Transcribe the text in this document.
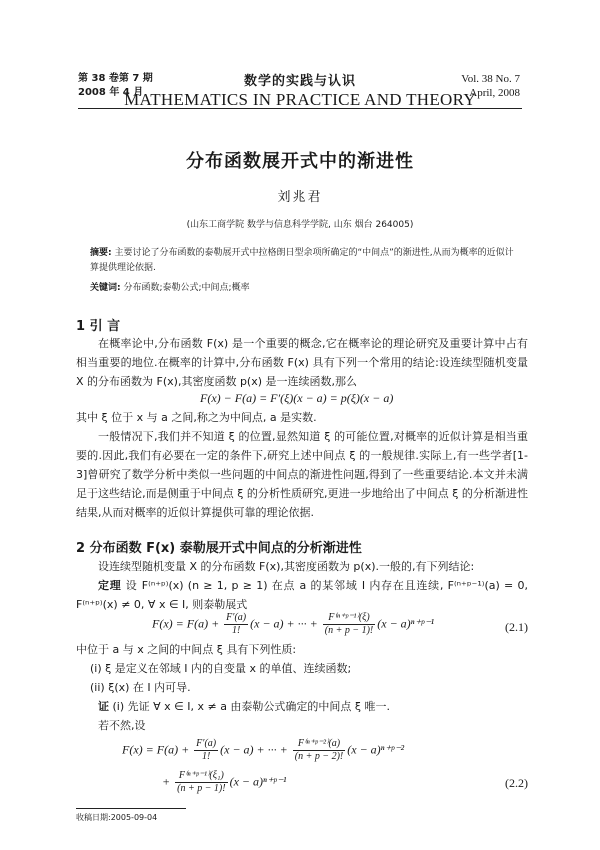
第 38 卷第 7 期
2008 年 4 月
数学的实践与认识
MATHEMATICS IN PRACTICE AND THEORY
Vol. 38 No. 7
April, 2008
分布函数展开式中的渐进性
刘兆君
(山东工商学院 数学与信息科学学院, 山东 烟台 264005)
摘要: 主要讨论了分布函数的泰勒展开式中拉格朗日型余项所确定的“中间点”的渐进性,从而为概率的近似计算提供理论依据.
关键词: 分布函数;泰勒公式;中间点;概率
1 引 言
在概率论中,分布函数 F(x) 是一个重要的概念,它在概率论的理论研究及重要计算中占有相当重要的地位.在概率的计算中,分布函数 F(x) 具有下列一个常用的结论:设连续型随机变量 X 的分布函数为 F(x),其密度函数 p(x) 是一连续函数,那么
F(x) − F(a) = F′(ξ)(x − a) = p(ξ)(x − a)
其中 ξ 位于 x 与 a 之间,称之为中间点, a 是实数.
一般情况下,我们并不知道 ξ 的位置,显然知道 ξ 的可能位置,对概率的近似计算是相当重要的.因此,我们有必要在一定的条件下,研究上述中间点 ξ 的一般规律.实际上,有一些学者[1-3]曾研究了数学分析中类似一些问题的中间点的渐进性问题,得到了一些重要结论.本文并未满足于这些结论,而是侧重于中间点 ξ 的分析性质研究,更进一步地给出了中间点 ξ 的分析渐进性结果,从而对概率的近似计算提供可靠的理论依据.
2 分布函数 F(x) 泰勒展开式中间点的分析渐进性
设连续型随机变量 X 的分布函数 F(x),其密度函数为 p(x).一般的,有下列结论:
定理 设 F⁽ⁿ⁺ᵖ⁾(x) (n ≥ 1, p ≥ 1) 在点 a 的某邻域 I 内存在且连续, F⁽ⁿ⁺ᵖ⁻¹⁾(a) = 0, F⁽ⁿ⁺ᵖ⁾(x) ≠ 0, ∀ x ∈ I, 则泰勒展式
$F(x) = F(a) + \frac{F'(a)}{1!} (x - a)$ + ··· + $\frac{\text{F⁽ⁿ⁺ᵖ⁻¹⁾(ξ)}}{(n + p - 1)!} (x$ − a)ⁿ⁺ᵖ⁻¹	(2.1)
中位于 a 与 x 之间的中间点 ξ 具有下列性质:
(i) ξ 是定义在邻域 I 内的自变量 x 的单值、连续函数;
(ii) ξ(x) 在 I 内可导.
证 (i) 先证 ∀ x ∈ I, x ≠ a 由泰勒公式确定的中间点 ξ 唯一.
若不然,设
$F(x) = F(a) + \frac{F'(a)}{1!} (x - a)$ + ··· + $\frac{\text{F⁽ⁿ⁺ᵖ⁻²⁾(a)}}{(n + p - 2)!} (x$ − a)ⁿ⁺ᵖ⁻²
+ $\frac{\text{F⁽ⁿ⁺ᵖ⁻¹⁾(ξ₁)}}{(n + p - 1)!} (x$ − a)ⁿ⁺ᵖ⁻¹	(2.2)
收稿日期:2005-09-04
